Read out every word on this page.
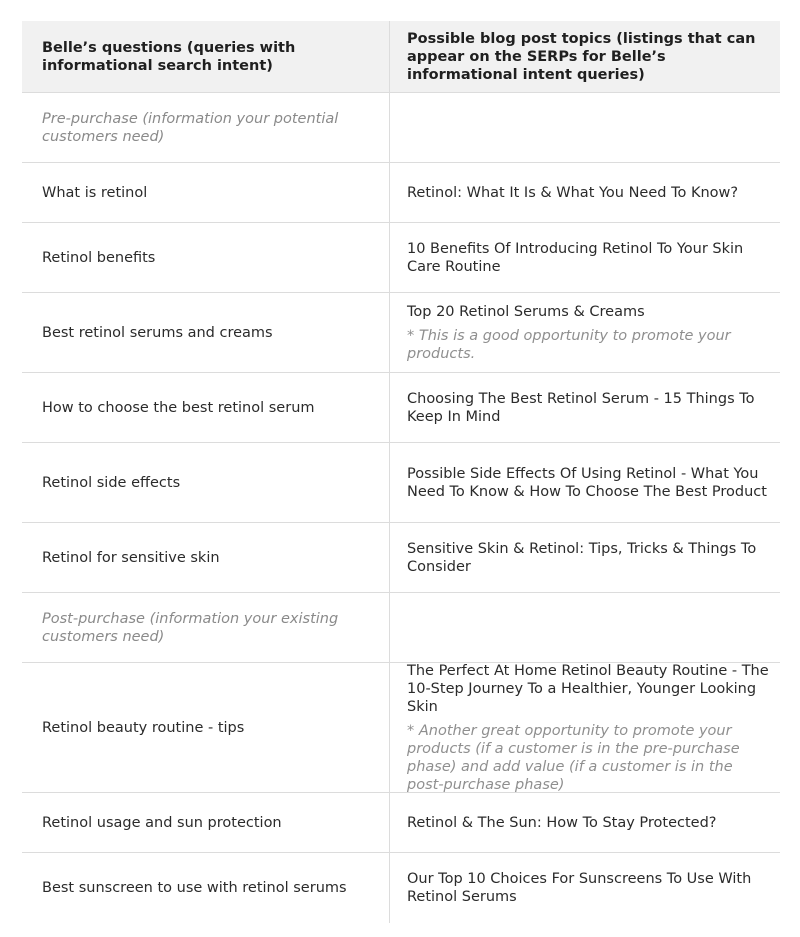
Belle’s questions (queries with informational search intent)
Possible blog post topics (listings that can appear on the SERPs for Belle’s informational intent queries)
Pre-purchase (information your potential customers need)
What is retinol	Retinol: What It Is & What You Need To Know?
Retinol benefits
10 Benefits Of Introducing Retinol To Your Skin Care Routine
Best retinol serums and creams
Top 20 Retinol Serums & Creams
* This is a good opportunity to promote your products.
How to choose the best retinol serum
Choosing The Best Retinol Serum - 15 Things To Keep In Mind
Retinol side effects
Possible Side Effects Of Using Retinol - What You Need To Know & How To Choose The Best Product
Retinol for sensitive skin
Sensitive Skin & Retinol: Tips, Tricks & Things To Consider
Post-purchase (information your existing customers need)
Retinol beauty routine - tips
The Perfect At Home Retinol Beauty Routine - The 10-Step Journey To a Healthier, Younger Looking Skin
* Another great opportunity to promote your products (if a customer is in the pre-purchase phase) and add value (if a customer is in the post-purchase phase)
Retinol usage and sun protection	Retinol & The Sun: How To Stay Protected?
Best sunscreen to use with retinol serums
Our Top 10 Choices For Sunscreens To Use With Retinol Serums
